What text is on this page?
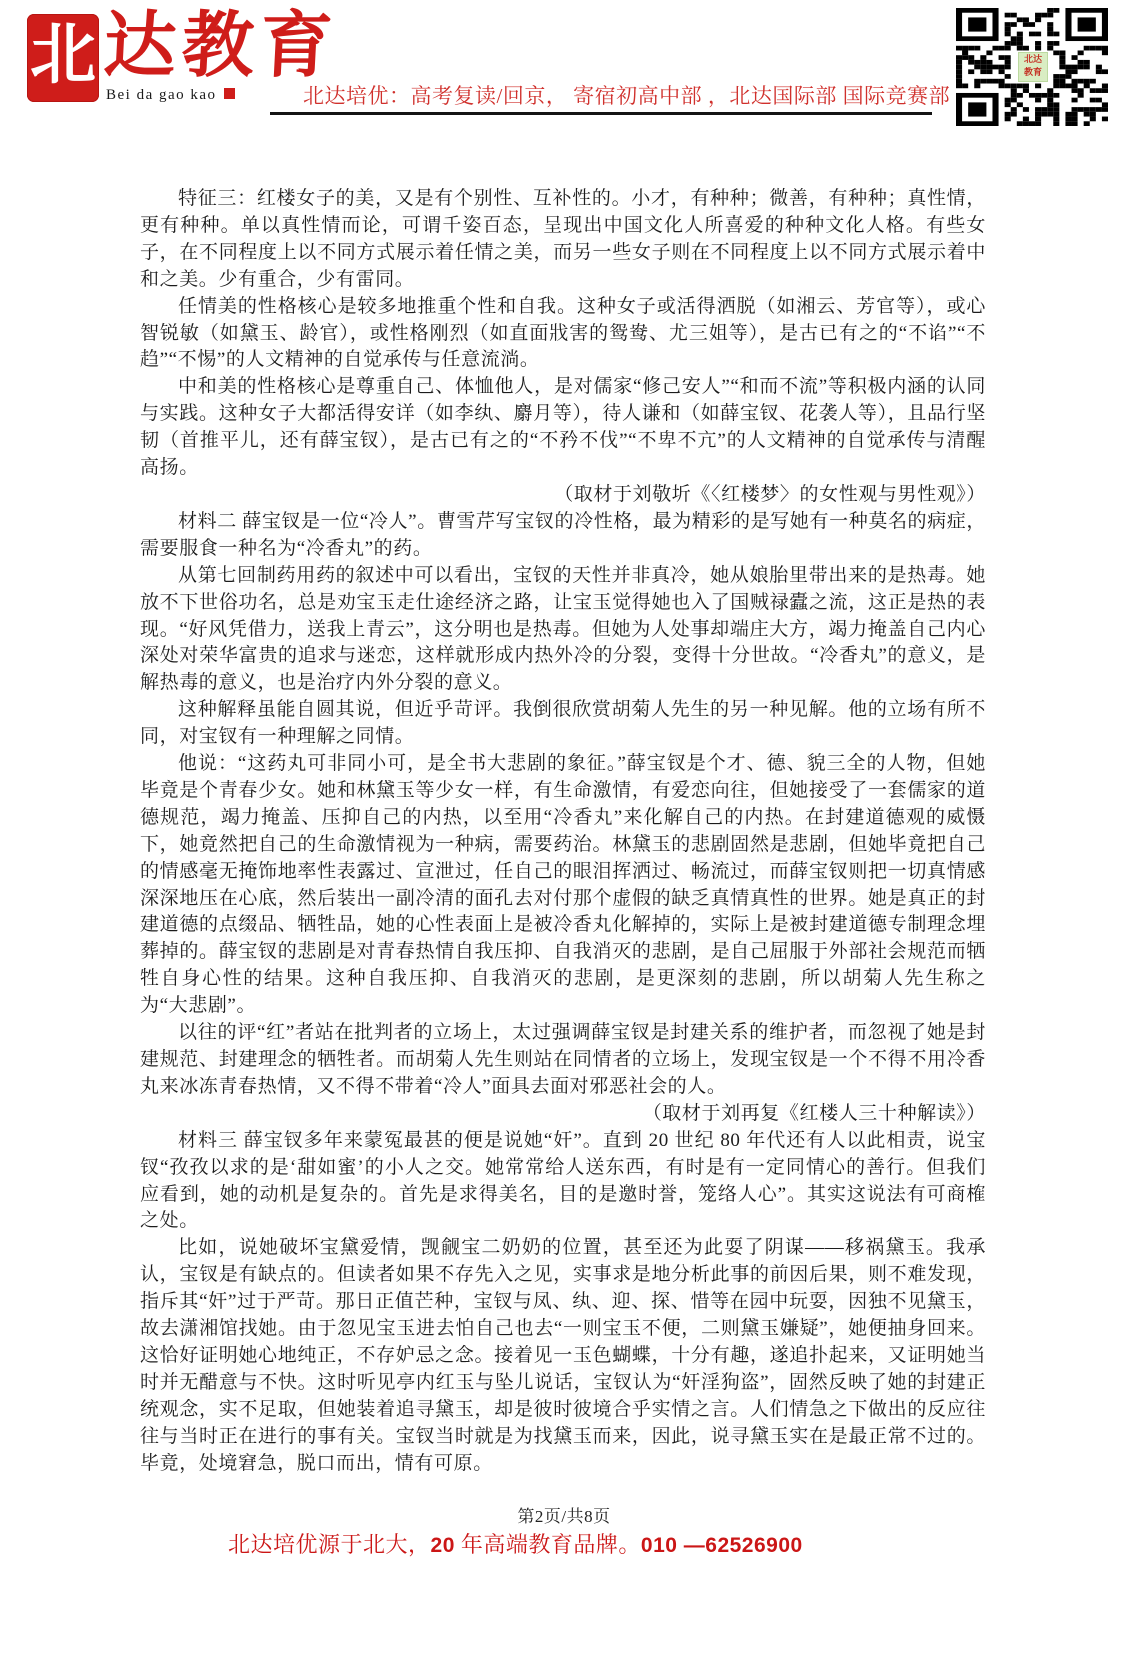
北 达教育
Bei da gao kao	北达培优：高考复读/回京， 寄宿初高中部 ，北达国际部 国际竞赛部
北达
教育

特征三：红楼女子的美，又是有个别性、互补性的。小才，有种种；微善，有种种；真性情，更有种种。单以真性情而论，可谓千姿百态，呈现出中国文化人所喜爱的种种文化人格。有些女子，在不同程度上以不同方式展示着任情之美，而另一些女子则在不同程度上以不同方式展示着中和之美。少有重合，少有雷同。

任情美的性格核心是较多地推重个性和自我。这种女子或活得洒脱（如湘云、芳官等），或心智锐敏（如黛玉、龄官），或性格刚烈（如直面戕害的鸳鸯、尤三姐等），是古已有之的“不谄”“不趋”“不惕”的人文精神的自觉承传与任意流淌。

中和美的性格核心是尊重自己、体恤他人，是对儒家“修己安人”“和而不流”等积极内涵的认同与实践。这种女子大都活得安详（如李纨、麝月等），待人谦和（如薛宝钗、花袭人等），且品行坚韧（首推平儿，还有薛宝钗），是古已有之的“不矜不伐”“不卑不亢”的人文精神的自觉承传与清醒高扬。

（取材于刘敬圻《〈红楼梦〉的女性观与男性观》）

材料二 薛宝钗是一位“冷人”。曹雪芹写宝钗的冷性格，最为精彩的是写她有一种莫名的病症，需要服食一种名为“冷香丸”的药。

从第七回制药用药的叙述中可以看出，宝钗的天性并非真冷，她从娘胎里带出来的是热毒。她放不下世俗功名，总是劝宝玉走仕途经济之路，让宝玉觉得她也入了国贼禄蠹之流，这正是热的表现。“好风凭借力，送我上青云”，这分明也是热毒。但她为人处事却端庄大方，竭力掩盖自己内心深处对荣华富贵的追求与迷恋，这样就形成内热外冷的分裂，变得十分世故。“冷香丸”的意义，是解热毒的意义，也是治疗内外分裂的意义。

这种解释虽能自圆其说，但近乎苛评。我倒很欣赏胡菊人先生的另一种见解。他的立场有所不同，对宝钗有一种理解之同情。

他说：“这药丸可非同小可，是全书大悲剧的象征。”薛宝钗是个才、德、貌三全的人物，但她毕竟是个青春少女。她和林黛玉等少女一样，有生命激情，有爱恋向往，但她接受了一套儒家的道德规范，竭力掩盖、压抑自己的内热，以至用“冷香丸”来化解自己的内热。在封建道德观的威慑下，她竟然把自己的生命激情视为一种病，需要药治。林黛玉的悲剧固然是悲剧，但她毕竟把自己的情感毫无掩饰地率性表露过、宣泄过，任自己的眼泪挥洒过、畅流过，而薛宝钗则把一切真情感深深地压在心底，然后装出一副冷清的面孔去对付那个虚假的缺乏真情真性的世界。她是真正的封建道德的点缀品、牺牲品，她的心性表面上是被冷香丸化解掉的，实际上是被封建道德专制理念埋葬掉的。薛宝钗的悲剧是对青春热情自我压抑、自我消灭的悲剧，是自己屈服于外部社会规范而牺牲自身心性的结果。这种自我压抑、自我消灭的悲剧，是更深刻的悲剧，所以胡菊人先生称之为“大悲剧”。

以往的评“红”者站在批判者的立场上，太过强调薛宝钗是封建关系的维护者，而忽视了她是封建规范、封建理念的牺牲者。而胡菊人先生则站在同情者的立场上，发现宝钗是一个不得不用冷香丸来冰冻青春热情，又不得不带着“冷人”面具去面对邪恶社会的人。

（取材于刘再复《红楼人三十种解读》）

材料三 薛宝钗多年来蒙冤最甚的便是说她“奸”。直到 20 世纪 80 年代还有人以此相责，说宝钗“孜孜以求的是‘甜如蜜’的小人之交。她常常给人送东西，有时是有一定同情心的善行。但我们应看到，她的动机是复杂的。首先是求得美名，目的是邀时誉，笼络人心”。其实这说法有可商榷之处。

比如，说她破坏宝黛爱情，觊觎宝二奶奶的位置，甚至还为此耍了阴谋——移祸黛玉。我承认，宝钗是有缺点的。但读者如果不存先入之见，实事求是地分析此事的前因后果，则不难发现，指斥其“奸”过于严苛。那日正值芒种，宝钗与凤、纨、迎、探、惜等在园中玩耍，因独不见黛玉，故去潇湘馆找她。由于忽见宝玉进去怕自己也去“一则宝玉不便，二则黛玉嫌疑”，她便抽身回来。这恰好证明她心地纯正，不存妒忌之念。接着见一玉色蝴蝶，十分有趣，遂追扑起来，又证明她当时并无醋意与不快。这时听见亭内红玉与坠儿说话，宝钗认为“奸淫狗盗”，固然反映了她的封建正统观念，实不足取，但她装着追寻黛玉，却是彼时彼境合乎实情之言。人们情急之下做出的反应往往与当时正在进行的事有关。宝钗当时就是为找黛玉而来，因此，说寻黛玉实在是最正常不过的。毕竟，处境窘急，脱口而出，情有可原。

第2页/共8页
北达培优源于北大，20 年高端教育品牌。010 —62526900
